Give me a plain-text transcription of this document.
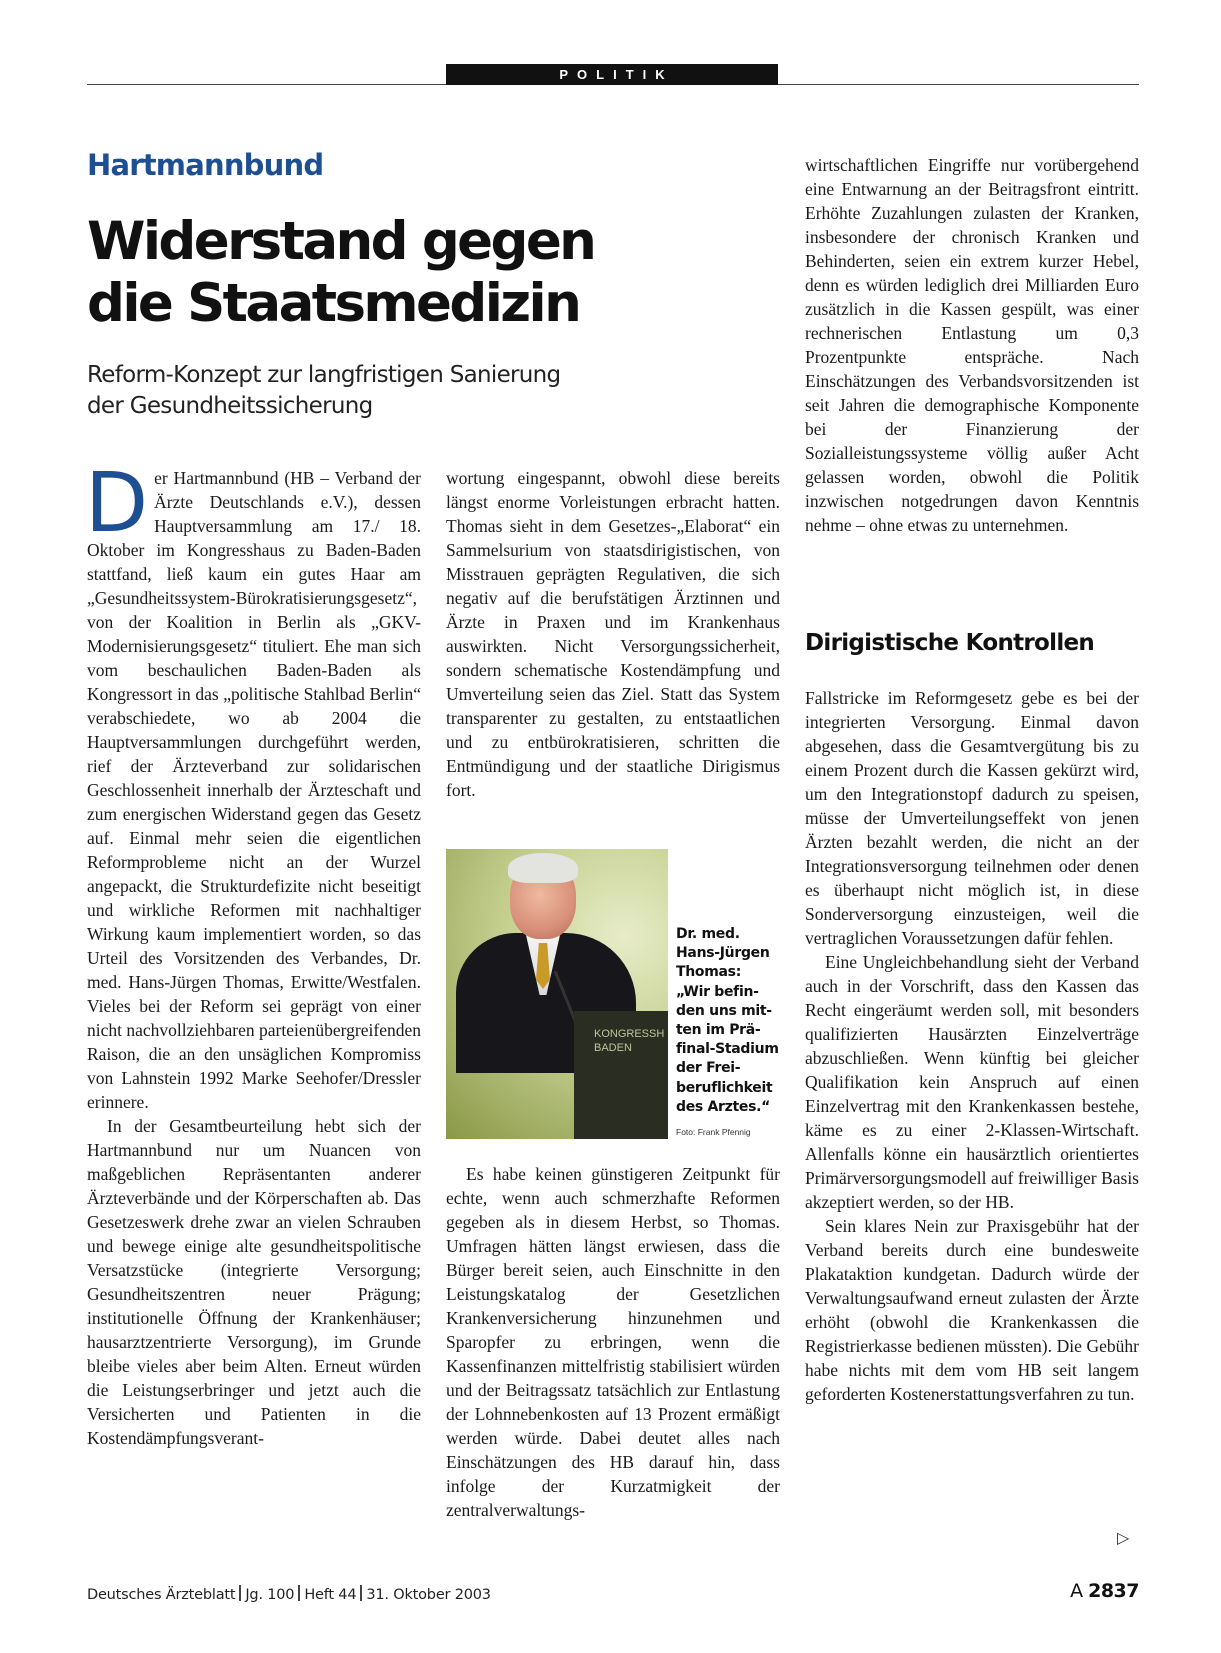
POLITIK
Hartmannbund
Widerstand gegen
die Staatsmedizin
Reform-Konzept zur langfristigen Sanierung
der Gesundheitssicherung

Der Hartmannbund (HB – Verband der Ärzte Deutschlands e.V.), dessen Hauptversammlung am 17./ 18. Oktober im Kongresshaus zu Baden-Baden stattfand, ließ kaum ein gutes Haar am „Gesundheitssystem-Bürokratisierungsgesetz“, von der Koalition in Berlin als „GKV-Modernisierungsgesetz“ tituliert. Ehe man sich vom beschaulichen Baden-Baden als Kongressort in das „politische Stahlbad Berlin“ verabschiedete, wo ab 2004 die Hauptversammlungen durchgeführt werden, rief der Ärzteverband zur solidarischen Geschlossenheit innerhalb der Ärzteschaft und zum energischen Widerstand gegen das Gesetz auf. Einmal mehr seien die eigentlichen Reformprobleme nicht an der Wurzel angepackt, die Strukturdefizite nicht beseitigt und wirkliche Reformen mit nachhaltiger Wirkung kaum implementiert worden, so das Urteil des Vorsitzenden des Verbandes, Dr. med. Hans-Jürgen Thomas, Erwitte/Westfalen. Vieles bei der Reform sei geprägt von einer nicht nachvollziehbaren parteienübergreifenden Raison, die an den unsäglichen Kompromiss von Lahnstein 1992 Marke Seehofer/Dressler erinnere.

In der Gesamtbeurteilung hebt sich der Hartmannbund nur um Nuancen von maßgeblichen Repräsentanten anderer Ärzteverbände und der Körperschaften ab. Das Gesetzeswerk drehe zwar an vielen Schrauben und bewege einige alte gesundheitspolitische Versatzstücke (integrierte Versorgung; Gesundheitszentren neuer Prägung; institutionelle Öffnung der Krankenhäuser; hausarztzentrierte Versorgung), im Grunde bleibe vieles aber beim Alten. Erneut würden die Leistungserbringer und jetzt auch die Versicherten und Patienten in die Kostendämpfungsverant-

wortung eingespannt, obwohl diese bereits längst enorme Vorleistungen erbracht hatten. Thomas sieht in dem Gesetzes-„Elaborat“ ein Sammelsurium von staatsdirigistischen, von Misstrauen geprägten Regulativen, die sich negativ auf die berufstätigen Ärztinnen und Ärzte in Praxen und im Krankenhaus auswirkten. Nicht Versorgungssicherheit, sondern schematische Kostendämpfung und Umverteilung seien das Ziel. Statt das System transparenter zu gestalten, zu entstaatlichen und zu entbürokratisieren, schritten die Entmündigung und der staatliche Dirigismus fort.

KONGRESSH
BADEN
Dr. med.
Hans-Jürgen
Thomas:
„Wir befin-
den uns mit-
ten im Prä-
final-Stadium
der Frei-
beruflichkeit
des Arztes.“
Foto: Frank Pfennig

Es habe keinen günstigeren Zeitpunkt für echte, wenn auch schmerzhafte Reformen gegeben als in diesem Herbst, so Thomas. Umfragen hätten längst erwiesen, dass die Bürger bereit seien, auch Einschnitte in den Leistungskatalog der Gesetzlichen Krankenversicherung hinzunehmen und Sparopfer zu erbringen, wenn die Kassenfinanzen mittelfristig stabilisiert würden und der Beitragssatz tatsächlich zur Entlastung der Lohnnebenkosten auf 13 Prozent ermäßigt werden würde. Dabei deutet alles nach Einschätzungen des HB darauf hin, dass infolge der Kurzatmigkeit der zentralverwaltungs-

wirtschaftlichen Eingriffe nur vorübergehend eine Entwarnung an der Beitragsfront eintritt. Erhöhte Zuzahlungen zulasten der Kranken, insbesondere der chronisch Kranken und Behinderten, seien ein extrem kurzer Hebel, denn es würden lediglich drei Milliarden Euro zusätzlich in die Kassen gespült, was einer rechnerischen Entlastung um 0,3 Prozentpunkte entspräche. Nach Einschätzungen des Verbandsvorsitzenden ist seit Jahren die demographische Komponente bei der Finanzierung der Sozialleistungssysteme völlig außer Acht gelassen worden, obwohl die Politik inzwischen notgedrungen davon Kenntnis nehme – ohne etwas zu unternehmen.

Dirigistische Kontrollen

Fallstricke im Reformgesetz gebe es bei der integrierten Versorgung. Einmal davon abgesehen, dass die Gesamtvergütung bis zu einem Prozent durch die Kassen gekürzt wird, um den Integrationstopf dadurch zu speisen, müsse der Umverteilungseffekt von jenen Ärzten bezahlt werden, die nicht an der Integrationsversorgung teilnehmen oder denen es überhaupt nicht möglich ist, in diese Sonderversorgung einzusteigen, weil die vertraglichen Voraussetzungen dafür fehlen.

Eine Ungleichbehandlung sieht der Verband auch in der Vorschrift, dass den Kassen das Recht eingeräumt werden soll, mit besonders qualifizierten Hausärzten Einzelverträge abzuschließen. Wenn künftig bei gleicher Qualifikation kein Anspruch auf einen Einzelvertrag mit den Krankenkassen bestehe, käme es zu einer 2-Klassen-Wirtschaft. Allenfalls könne ein hausärztlich orientiertes Primärversorgungsmodell auf freiwilliger Basis akzeptiert werden, so der HB.

Sein klares Nein zur Praxisgebühr hat der Verband bereits durch eine bundesweite Plakataktion kundgetan. Dadurch würde der Verwaltungsaufwand erneut zulasten der Ärzte erhöht (obwohl die Krankenkassen die Registrierkasse bedienen müssten). Die Gebühr habe nichts mit dem vom HB seit langem geforderten Kostenerstattungsverfahren zu tun.

▷
Deutsches Ärzteblatt Jg. 100 Heft 44 31. Oktober 2003	A 2837
